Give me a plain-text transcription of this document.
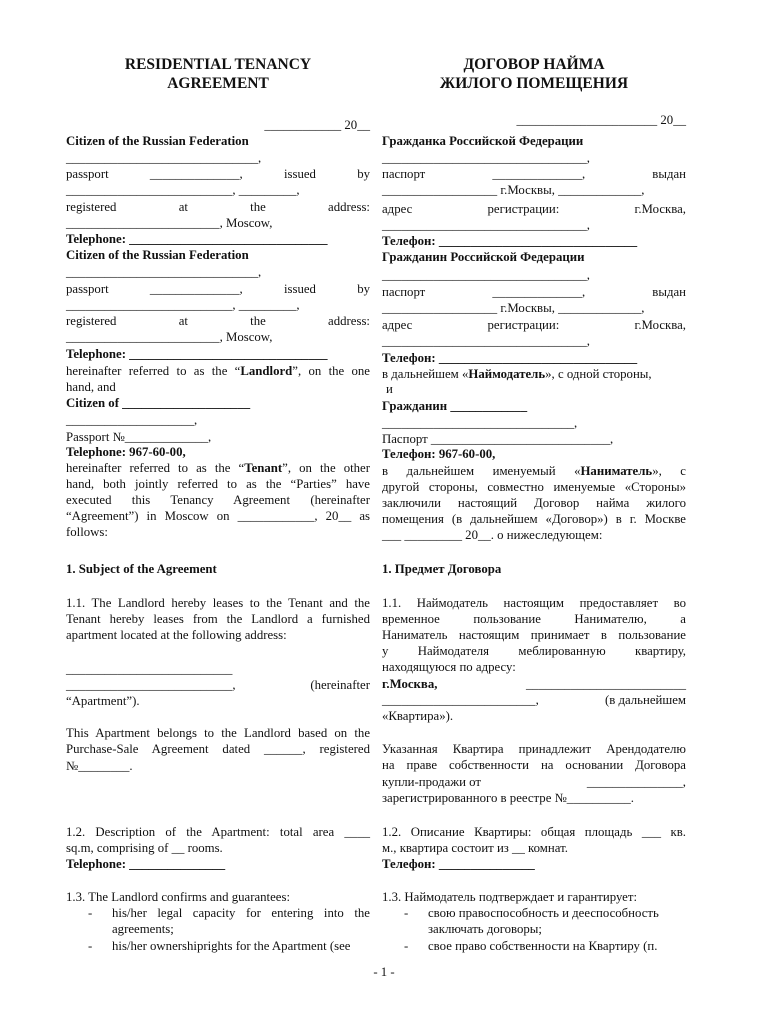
RESIDENTIAL TENANCY
AGREEMENT
____________ 20__
Citizen of the Russian Federation
______________________________,
passport ______________, issued by
__________________________, _________,
registered at the address:
________________________, Moscow,
Telephone: _______________________________
Citizen of the Russian Federation
______________________________,
passport ______________, issued by
__________________________, _________,
registered at the address:
________________________, Moscow,
Telephone: _______________________________
hereinafter referred to as the “Landlord”, on the one
hand, and
Citizen of ____________________
____________________,
Passport №_____________,
Telephone: 967-60-00,
hereinafter referred to as the “Tenant”, on the other
hand, both jointly referred to as the “Parties” have
executed this Tenancy Agreement (hereinafter
“Agreement”) in Moscow on ____________, 20__ as
follows:
1. Subject of the Agreement
1.1. The Landlord hereby leases to the Tenant and the
Tenant hereby leases from the Landlord a furnished
apartment located at the following address:
__________________________
__________________________,	(hereinafter
“Apartment”).
This Apartment belongs to the Landlord based on the
Purchase-Sale Agreement dated ______, registered
№________.
1.2. Description of the Apartment: total area ____
sq.m, comprising of __ rooms.
Telephone: _______________
1.3. The Landlord confirms and guarantees:
- his/her legal capacity for entering into the
agreements;
- his/her ownershiprights for the Apartment (see
ДОГОВОР НАЙМА
ЖИЛОГО ПОМЕЩЕНИЯ
______________________ 20__
Гражданка Российской Федерации
________________________________,
паспорт ______________, выдан
__________________ г.Москвы, _____________,
адрес регистрации: г.Москва,
________________________________,
Телефон: _______________________________
Гражданин Российской Федерации
________________________________,
паспорт ______________, выдан
__________________ г.Москвы, _____________,
адрес регистрации: г.Москва,
________________________________,
Телефон: _______________________________
в дальнейшем «Наймодатель», с одной стороны,
и
Гражданин ____________
______________________________,
Паспорт ____________________________,
Телефон: 967-60-00,
в дальнейшем именуемый «Наниматель», с
другой стороны, совместно именуемые «Стороны»
заключили настоящий Договор найма жилого
помещения (в дальнейшем «Договор») в г. Москве
___ _________ 20__. о нижеследующем:
1. Предмет Договора
1.1. Наймодатель настоящим предоставляет во
временное пользование Нанимателю, а
Наниматель настоящим принимает в пользование
у Наймодателя меблированную квартиру,
находящуюся по адресу:
г.Москва,	_________________________
________________________,	(в дальнейшем
«Квартира»).
Указанная Квартира принадлежит Арендодателю
на праве собственности на основании Договора
купли-продажи от	_______________,
зарегистрированного в реестре №__________.
1.2. Описание Квартиры: общая площадь ___ кв.
м., квартира состоит из __ комнат.
Телефон: _______________
1.3. Наймодатель подтверждает и гарантирует:
- свою правоспособность и дееспособность
заключать договоры;
- свое право собственности на Квартиру (п.
- 1 -
